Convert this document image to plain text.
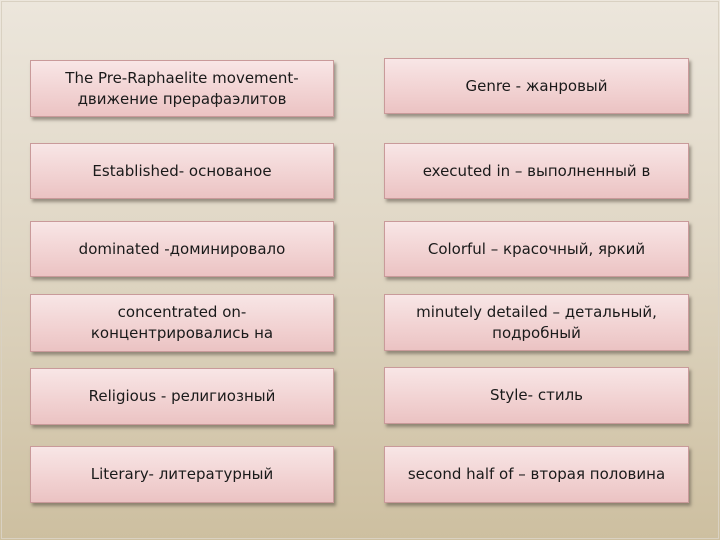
The Pre-Raphaelite movement- движение прерафаэлитов
Genre - жанровый
Established- основаное	executed in – выполненный в
dominated -доминировало	Colorful – красочный, яркий
concentrated on- концентрировались на
minutely detailed – детальный, подробный
Religious - религиозный	Style- стиль
Literary- литературный	second half of – вторая половина
